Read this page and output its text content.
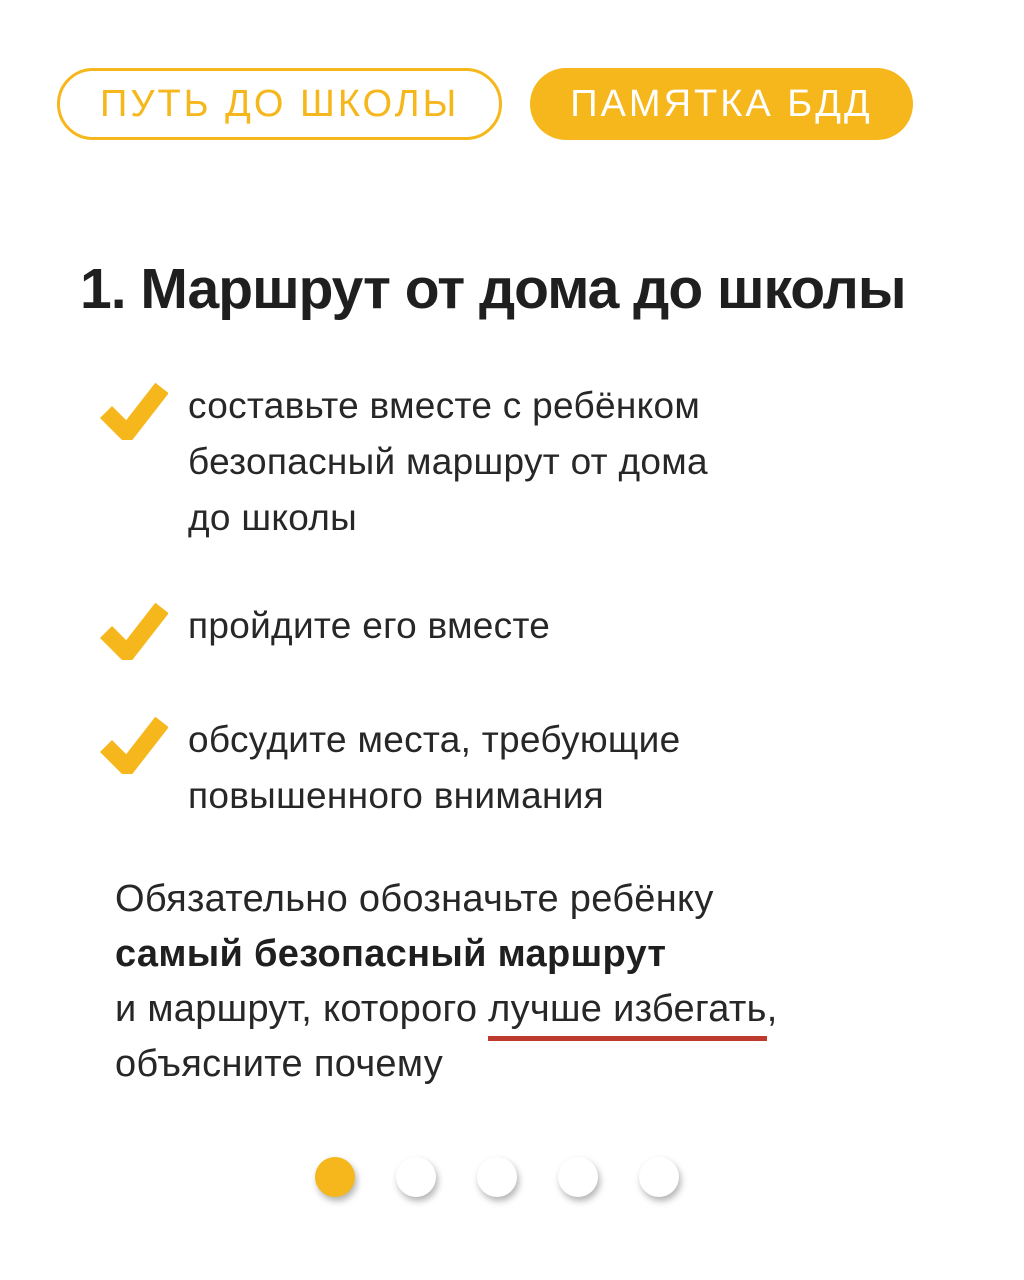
ПУТЬ ДО ШКОЛЫ	ПАМЯТКА БДД
1. Маршрут от дома до школы
составьте вместе с ребёнком
безопасный маршрут от дома
до школы
пройдите его вместе
обсудите места, требующие
повышенного внимания
Обязательно обозначьте ребёнку
самый безопасный маршрут
и маршрут, которого лучше избегать,
объясните почему
